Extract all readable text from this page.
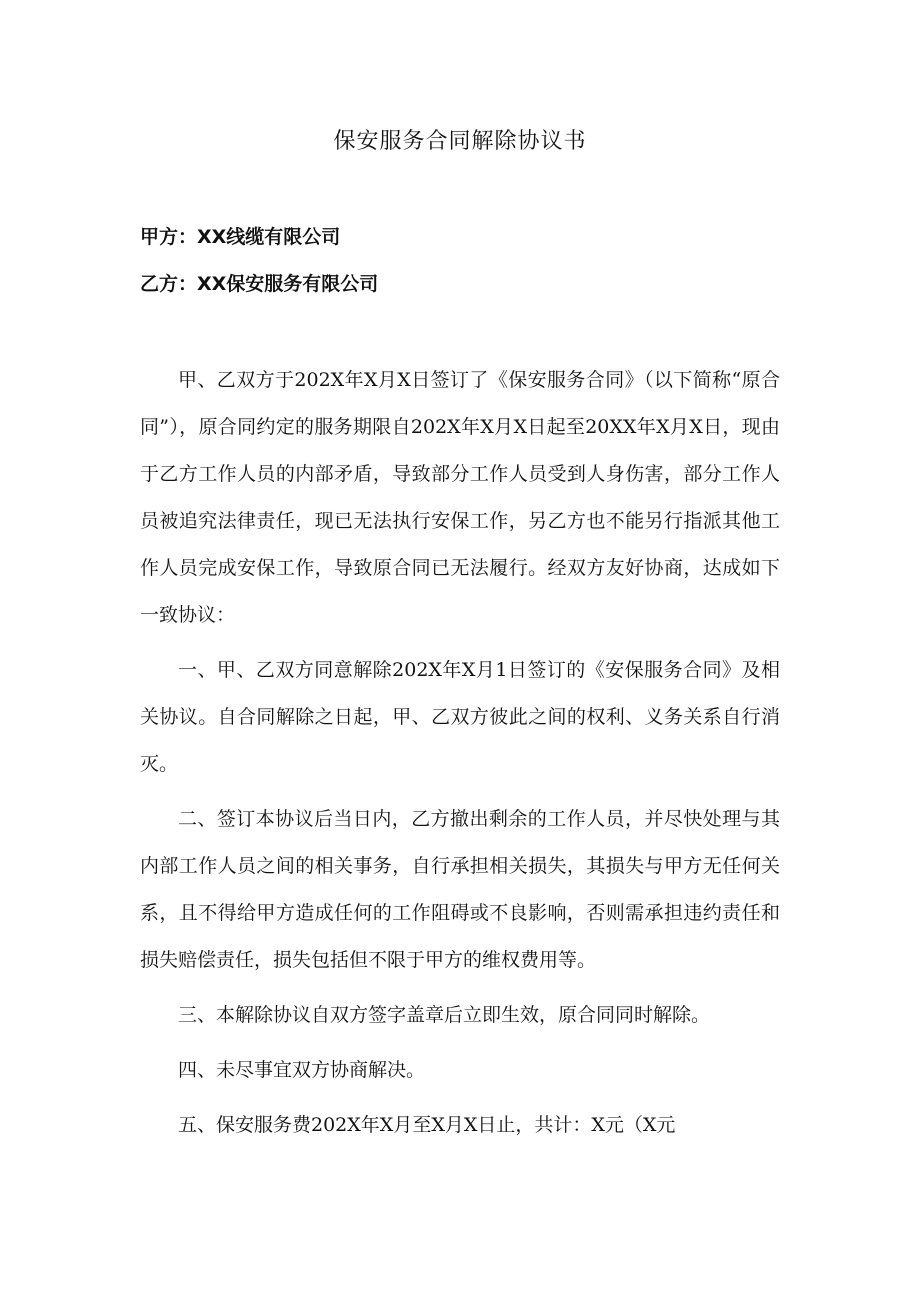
保安服务合同解除协议书

甲方：XX线缆有限公司

乙方：XX保安服务有限公司

甲、乙双方于202X年X月X日签订了《保安服务合同》（以下简称“原合同”），原合同约定的服务期限自202X年X月X日起至20XX年X月X日，现由于乙方工作人员的内部矛盾，导致部分工作人员受到人身伤害，部分工作人员被追究法律责任，现已无法执行安保工作，另乙方也不能另行指派其他工作人员完成安保工作，导致原合同已无法履行。经双方友好协商，达成如下一致协议：

一、甲、乙双方同意解除202X年X月1日签订的《安保服务合同》及相关协议。自合同解除之日起，甲、乙双方彼此之间的权利、义务关系自行消灭。

二、签订本协议后当日内，乙方撤出剩余的工作人员，并尽快处理与其内部工作人员之间的相关事务，自行承担相关损失，其损失与甲方无任何关系，且不得给甲方造成任何的工作阻碍或不良影响，否则需承担违约责任和损失赔偿责任，损失包括但不限于甲方的维权费用等。

三、本解除协议自双方签字盖章后立即生效，原合同同时解除。

四、未尽事宜双方协商解决。

五、保安服务费202X年X月至X月X日止，共计：X元（X元
